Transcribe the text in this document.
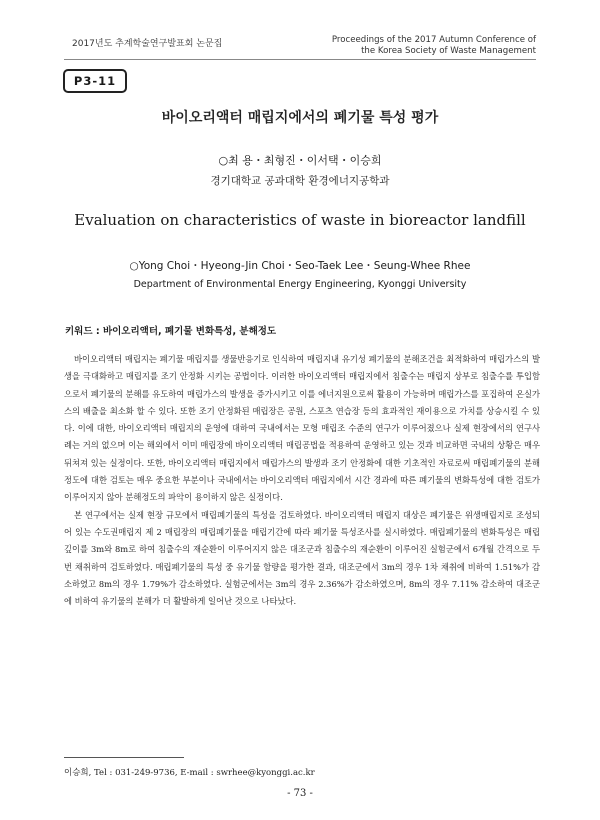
2017년도 추계학술연구발표회 논문집	Proceedings of the 2017 Autumn Conference of
the Korea Society of Waste Management
P3-11
바이오리액터 매립지에서의 폐기물 특성 평가
○최 용・최형진・이서택・이승희
경기대학교 공과대학 환경에너지공학과
Evaluation on characteristics of waste in bioreactor landfill
○Yong Choi・Hyeong-Jin Choi・Seo-Taek Lee・Seung-Whee Rhee
Department of Environmental Energy Engineering, Kyonggi University
키워드 : 바이오리액터, 폐기물 변화특성, 분해정도

바이오리액터 매립지는 폐기물 매립지를 생물반응기로 인식하여 매립지내 유기성 폐기물의 분해조건을 최적화하여 매립가스의 발생을 극대화하고 매립지를 조기 안정화 시키는 공법이다. 이러한 바이오리액터 매립지에서 침출수는 매립지 상부로 침출수를 투입함으로서 폐기물의 분해를 유도하여 매립가스의 발생을 증가시키고 이를 에너지원으로써 활용이 가능하며 매립가스를 포집하여 온실가스의 배출을 최소화 할 수 있다. 또한 조기 안정화된 매립장은 공원, 스포츠 연습장 등의 효과적인 재이용으로 가치를 상승시킬 수 있다. 이에 대한, 바이오리액터 매립지의 운영에 대하여 국내에서는 모형 매립조 수준의 연구가 이루어졌으나 실제 현장에서의 연구사례는 거의 없으며 이는 해외에서 이미 매립장에 바이오리액터 매립공법을 적용하여 운영하고 있는 것과 비교하면 국내의 상황은 매우 뒤쳐져 있는 실정이다. 또한, 바이오리액터 매립지에서 매립가스의 발생과 조기 안정화에 대한 기초적인 자료로써 매립폐기물의 분해정도에 대한 검토는 매우 중요한 부분이나 국내에서는 바이오리액터 매립지에서 시간 경과에 따른 폐기물의 변화특성에 대한 검토가 이루어지지 않아 분해정도의 파악이 용이하지 않은 실정이다.

본 연구에서는 실제 현장 규모에서 매립폐기물의 특성을 검토하였다. 바이오리액터 매립지 대상은 폐기물은 위생매립지로 조성되어 있는 수도권매립지 제 2 매립장의 매립폐기물을 매립기간에 따라 폐기물 특성조사를 실시하였다. 매립폐기물의 변화특성은 매립 깊이를 3m와 8m로 하여 침출수의 재순환이 이루어지지 않은 대조군과 침출수의 재순환이 이루어진 실험군에서 6개월 간격으로 두 번 채취하여 검토하였다. 매립폐기물의 특성 중 유기물 함량을 평가한 결과, 대조군에서 3m의 경우 1차 채취에 비하여 1.51%가 감소하였고 8m의 경우 1.79%가 감소하였다. 실험군에서는 3m의 경우 2.36%가 감소하였으며, 8m의 경우 7.11% 감소하여 대조군에 비하여 유기물의 분해가 더 활발하게 일어난 것으로 나타났다.

이승희, Tel : 031-249-9736, E-mail : swrhee@kyonggi.ac.kr
- 73 -
